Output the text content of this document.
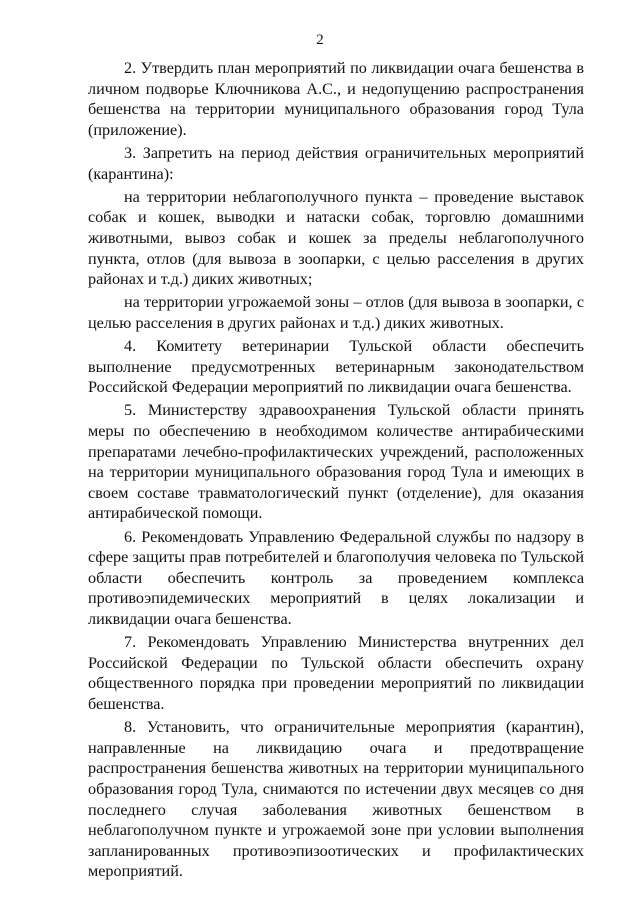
2

2. Утвердить план мероприятий по ликвидации очага бешенства в личном подворье Ключникова А.С., и недопущению распространения бешенства на территории муниципального образования город Тула (приложение).

3. Запретить на период действия ограничительных мероприятий (карантина):

на территории неблагополучного пункта – проведение выставок собак и кошек, выводки и натаски собак, торговлю домашними животными, вывоз собак и кошек за пределы неблагополучного пункта, отлов (для вывоза в зоопарки, с целью расселения в других районах и т.д.) диких животных;

на территории угрожаемой зоны – отлов (для вывоза в зоопарки, с целью расселения в других районах и т.д.) диких животных.

4. Комитету ветеринарии Тульской области обеспечить выполнение предусмотренных ветеринарным законодательством Российской Федерации мероприятий по ликвидации очага бешенства.

5. Министерству здравоохранения Тульской области принять меры по обеспечению в необходимом количестве антирабическими препаратами лечебно-профилактических учреждений, расположенных на территории муниципального образования город Тула и имеющих в своем составе травматологический пункт (отделение), для оказания антирабической помощи.

6. Рекомендовать Управлению Федеральной службы по надзору в сфере защиты прав потребителей и благополучия человека по Тульской области обеспечить контроль за проведением комплекса противоэпидемических мероприятий в целях локализации и ликвидации очага бешенства.

7. Рекомендовать Управлению Министерства внутренних дел Российской Федерации по Тульской области обеспечить охрану общественного порядка при проведении мероприятий по ликвидации бешенства.

8. Установить, что ограничительные мероприятия (карантин), направленные на ликвидацию очага и предотвращение распространения бешенства животных на территории муниципального образования город Тула, снимаются по истечении двух месяцев со дня последнего случая заболевания животных бешенством в неблагополучном пункте и угрожаемой зоне при условии выполнения запланированных противоэпизоотических и профилактических мероприятий.
